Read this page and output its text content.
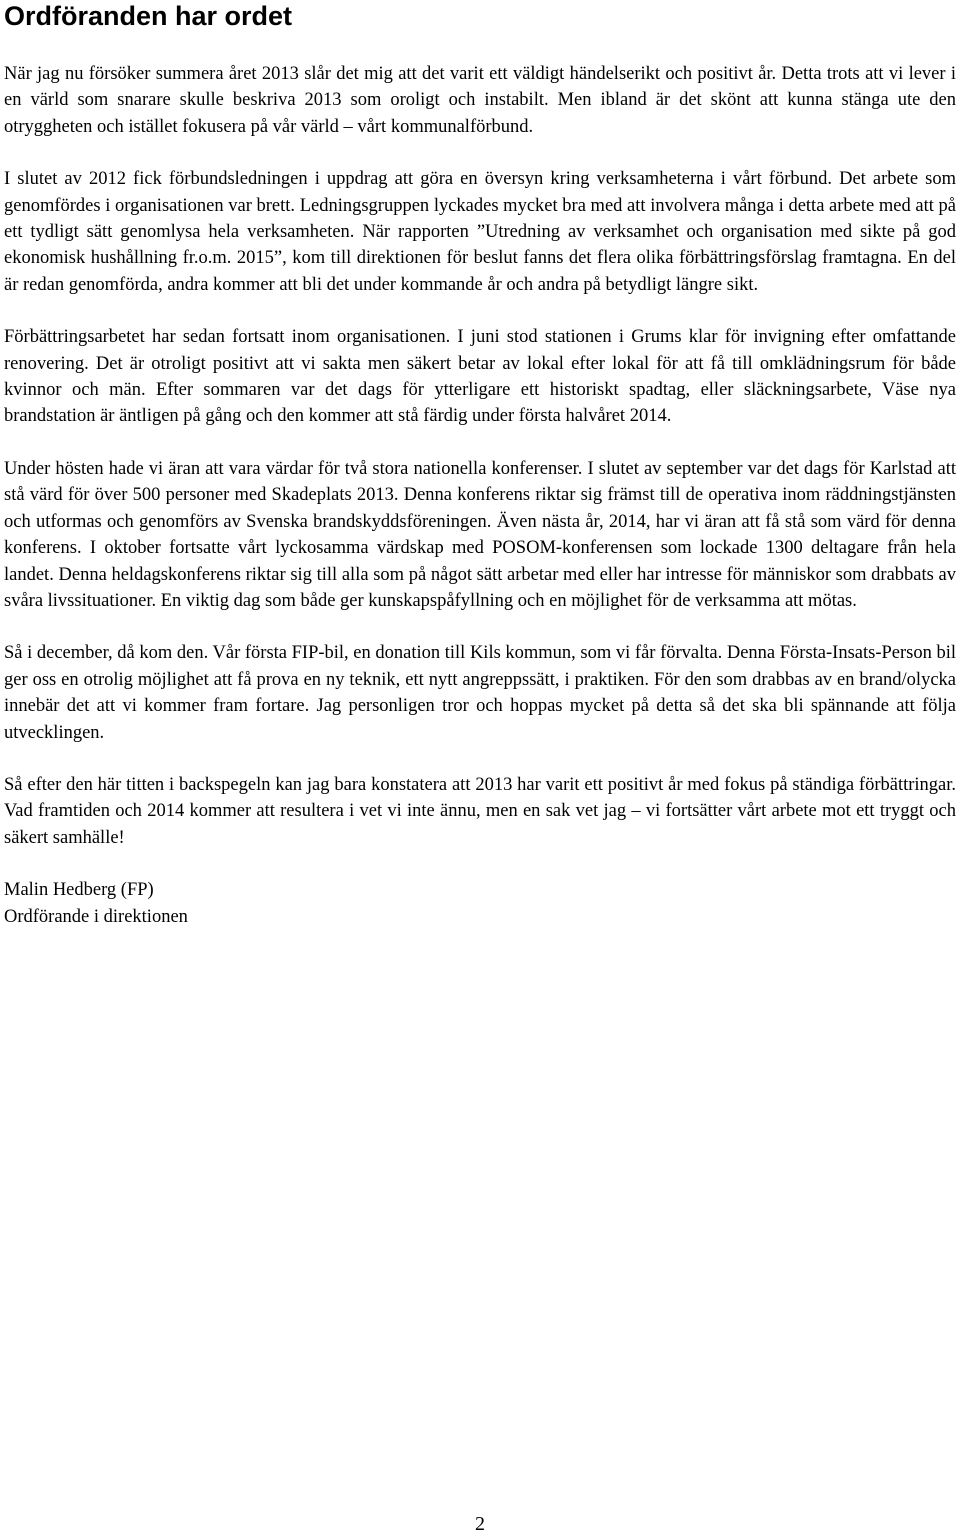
Ordföranden har ordet

När jag nu försöker summera året 2013 slår det mig att det varit ett väldigt händelserikt och positivt år. Detta trots att vi lever i en värld som snarare skulle beskriva 2013 som oroligt och instabilt. Men ibland är det skönt att kunna stänga ute den otryggheten och istället fokusera på vår värld – vårt kommunalförbund.

I slutet av 2012 fick förbundsledningen i uppdrag att göra en översyn kring verksamheterna i vårt förbund. Det arbete som genomfördes i organisationen var brett. Ledningsgruppen lyckades mycket bra med att involvera många i detta arbete med att på ett tydligt sätt genomlysa hela verksamheten. När rapporten ”Utredning av verksamhet och organisation med sikte på god ekonomisk hushållning fr.o.m. 2015”, kom till direktionen för beslut fanns det flera olika förbättringsförslag framtagna. En del är redan genomförda, andra kommer att bli det under kommande år och andra på betydligt längre sikt.

Förbättringsarbetet har sedan fortsatt inom organisationen. I juni stod stationen i Grums klar för invigning efter omfattande renovering. Det är otroligt positivt att vi sakta men säkert betar av lokal efter lokal för att få till omklädningsrum för både kvinnor och män. Efter sommaren var det dags för ytterligare ett historiskt spadtag, eller släckningsarbete, Väse nya brandstation är äntligen på gång och den kommer att stå färdig under första halvåret 2014.

Under hösten hade vi äran att vara värdar för två stora nationella konferenser. I slutet av september var det dags för Karlstad att stå värd för över 500 personer med Skadeplats 2013. Denna konferens riktar sig främst till de operativa inom räddningstjänsten och utformas och genomförs av Svenska brandskyddsföreningen. Även nästa år, 2014, har vi äran att få stå som värd för denna konferens. I oktober fortsatte vårt lyckosamma värdskap med POSOM-konferensen som lockade 1300 deltagare från hela landet. Denna heldagskonferens riktar sig till alla som på något sätt arbetar med eller har intresse för människor som drabbats av svåra livssituationer. En viktig dag som både ger kunskapspåfyllning och en möjlighet för de verksamma att mötas.

Så i december, då kom den. Vår första FIP-bil, en donation till Kils kommun, som vi får förvalta. Denna Första-Insats-Person bil ger oss en otrolig möjlighet att få prova en ny teknik, ett nytt angreppssätt, i praktiken. För den som drabbas av en brand/olycka innebär det att vi kommer fram fortare. Jag personligen tror och hoppas mycket på detta så det ska bli spännande att följa utvecklingen.

Så efter den här titten i backspegeln kan jag bara konstatera att 2013 har varit ett positivt år med fokus på ständiga förbättringar. Vad framtiden och 2014 kommer att resultera i vet vi inte ännu, men en sak vet jag – vi fortsätter vårt arbete mot ett tryggt och säkert samhälle!

Malin Hedberg (FP)
Ordförande i direktionen
2
